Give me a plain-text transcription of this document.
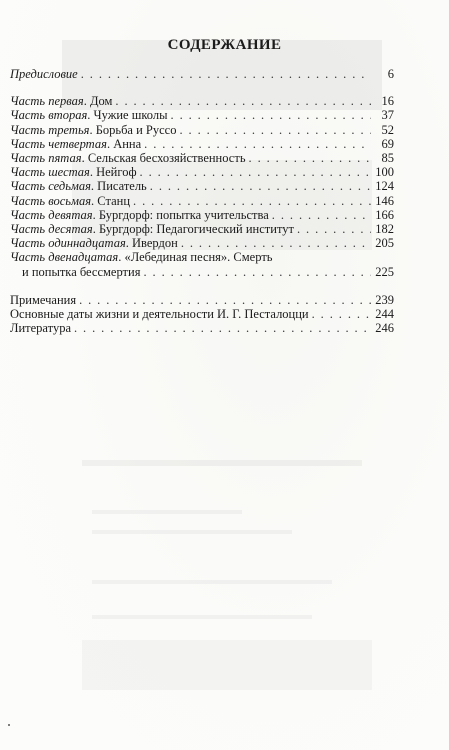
СОДЕРЖАНИЕ
Предисловие . . .	6
Часть первая. Дом . . .	16
Часть вторая. Чужие школы . . .	37
Часть третья. Борьба и Руссо . . .	52
Часть четвертая. Анна . . .	69
Часть пятая. Сельская бесхозяйственность . . .	85
Часть шестая. Нейгоф . . .	100
Часть седьмая. Писатель . . .	124
Часть восьмая. Станц . . .	146
Часть девятая. Бургдорф: попытка учительства . . .	166
Часть десятая. Бургдорф: Педагогический институт . . .	182
Часть одиннадцатая. Ивердон . . .	205
Часть двенадцатая. «Лебединая песня». Смерть
и попытка бессмертия . . .	225
Примечания . . .	239
Основные даты жизни и деятельности И. Г. Песталоцци . . .	244
Литература . . .	246
